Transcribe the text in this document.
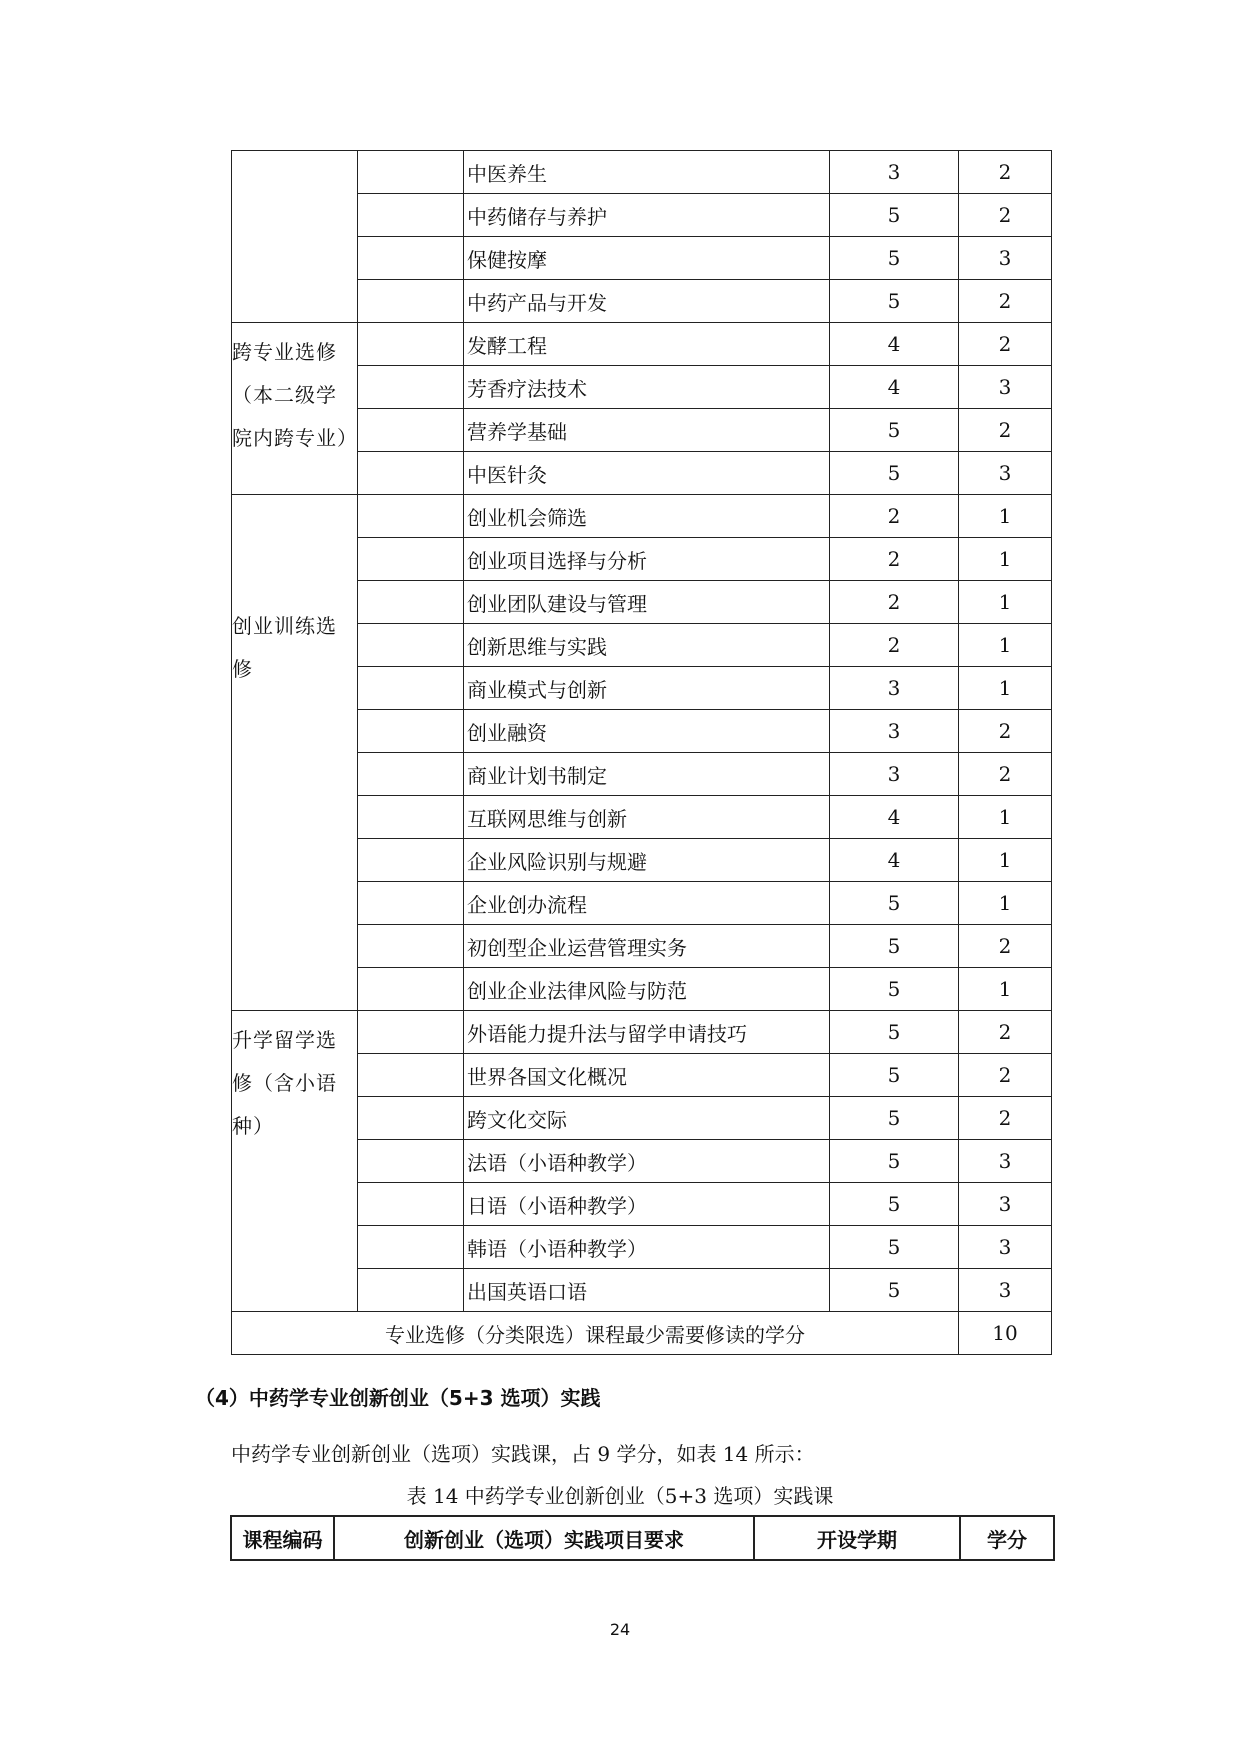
		中医养生	3	2
		中药储存与养护	5	2
		保健按摩	5	3
		中药产品与开发	5	2
跨专业选修（本二级学院内跨专业）		发酵工程	4	2
		芳香疗法技术	4	3
		营养学基础	5	2
		中医针灸	5	3
创业训练选修		创业机会筛选	2	1
		创业项目选择与分析	2	1
		创业团队建设与管理	2	1
		创新思维与实践	2	1
		商业模式与创新	3	1
		创业融资	3	2
		商业计划书制定	3	2
		互联网思维与创新	4	1
		企业风险识别与规避	4	1
		企业创办流程	5	1
		初创型企业运营管理实务	5	2
		创业企业法律风险与防范	5	1
升学留学选修（含小语种）		外语能力提升法与留学申请技巧	5	2
		世界各国文化概况	5	2
		跨文化交际	5	2
		法语（小语种教学）	5	3
		日语（小语种教学）	5	3
		韩语（小语种教学）	5	3
		出国英语口语	5	3
专业选修（分类限选）课程最少需要修读的学分				10
（4）中药学专业创新创业（5+3 选项）实践
中药学专业创新创业（选项）实践课，占 9 学分，如表 14 所示：
表 14 中药学专业创新创业（5+3 选项）实践课
课程编码	创新创业（选项）实践项目要求	开设学期	学分
24
